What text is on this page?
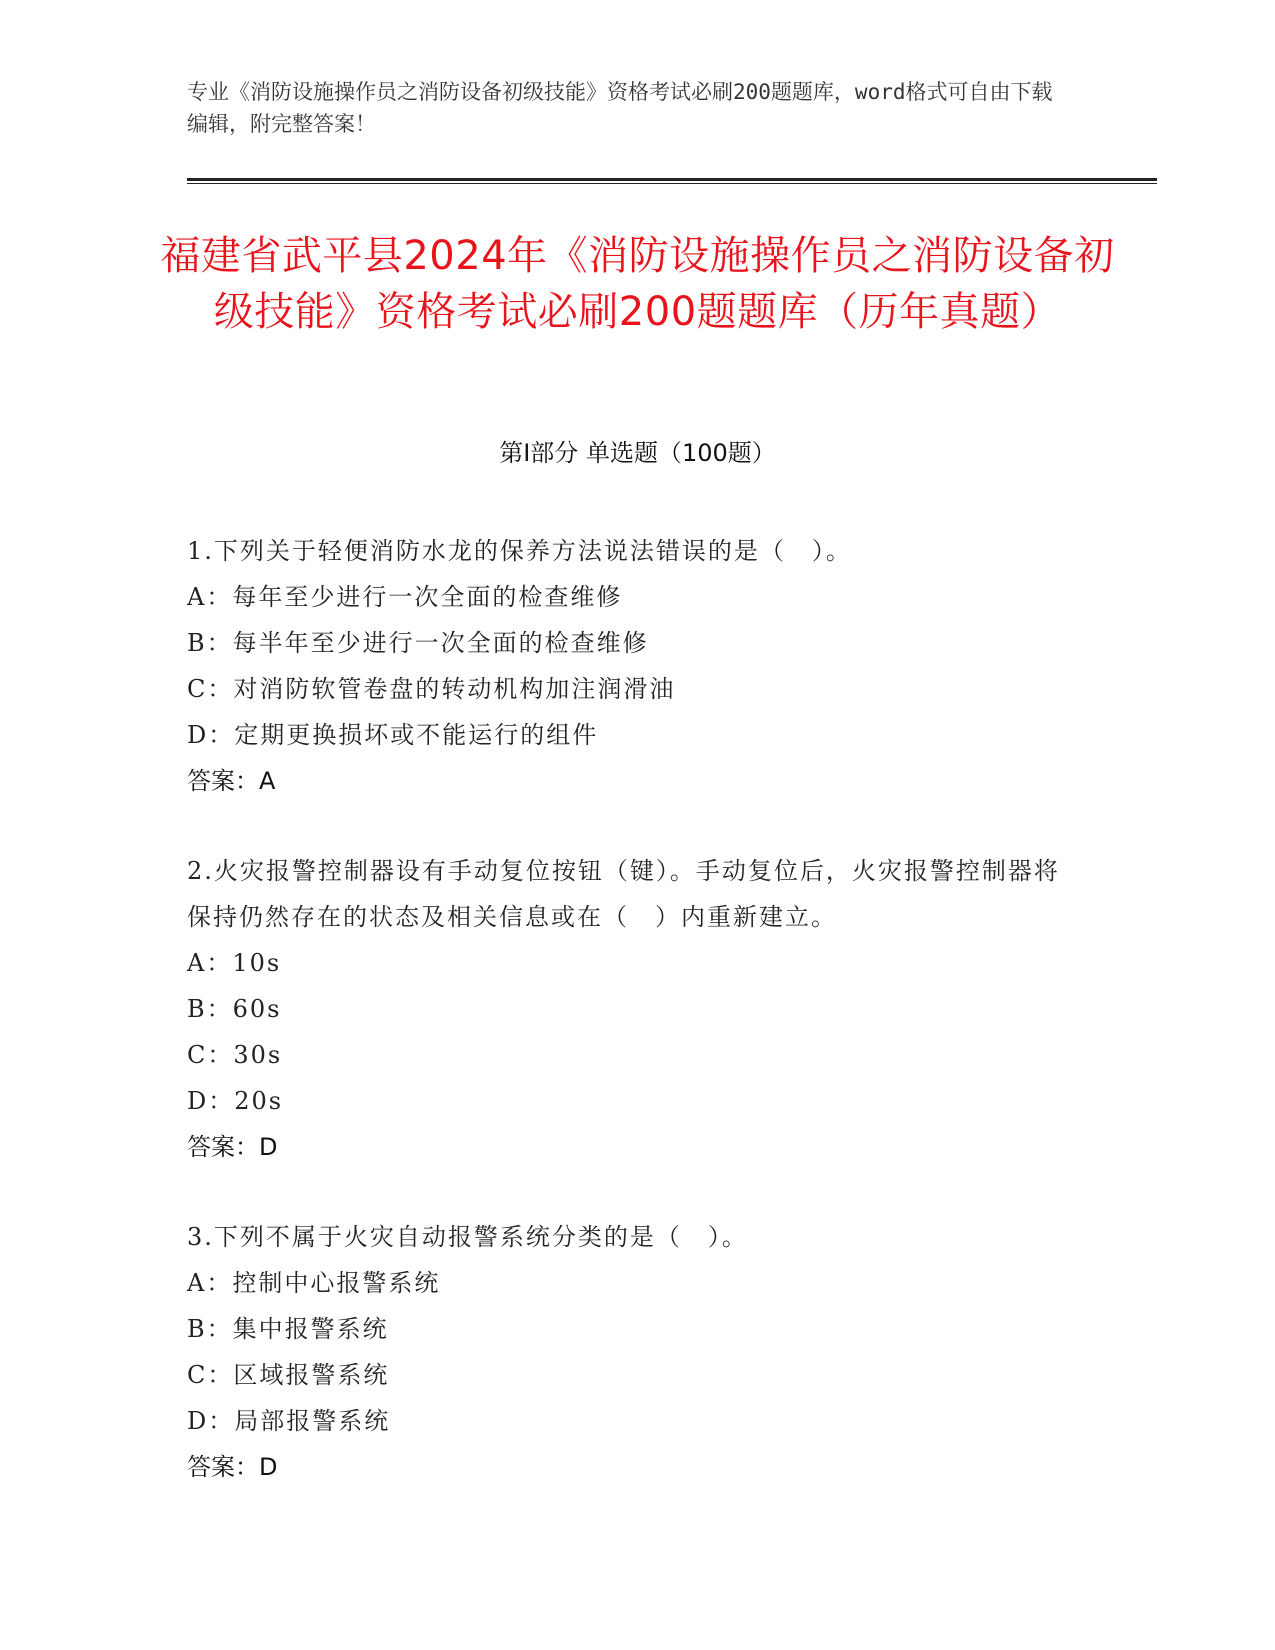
专业《消防设施操作员之消防设备初级技能》资格考试必刷200题题库，word格式可自由下载编辑，附完整答案！
福建省武平县2024年《消防设施操作员之消防设备初级技能》资格考试必刷200题题库（历年真题）
第I部分 单选题（100题）
1.下列关于轻便消防水龙的保养方法说法错误的是（　）。
A：每年至少进行一次全面的检查维修
B：每半年至少进行一次全面的检查维修
C：对消防软管卷盘的转动机构加注润滑油
D：定期更换损坏或不能运行的组件
答案：A
2.火灾报警控制器设有手动复位按钮（键）。手动复位后，火灾报警控制器将保持仍然存在的状态及相关信息或在（　）内重新建立。
A：10s
B：60s
C：30s
D：20s
答案：D
3.下列不属于火灾自动报警系统分类的是（　）。
A：控制中心报警系统
B：集中报警系统
C：区域报警系统
D：局部报警系统
答案：D
